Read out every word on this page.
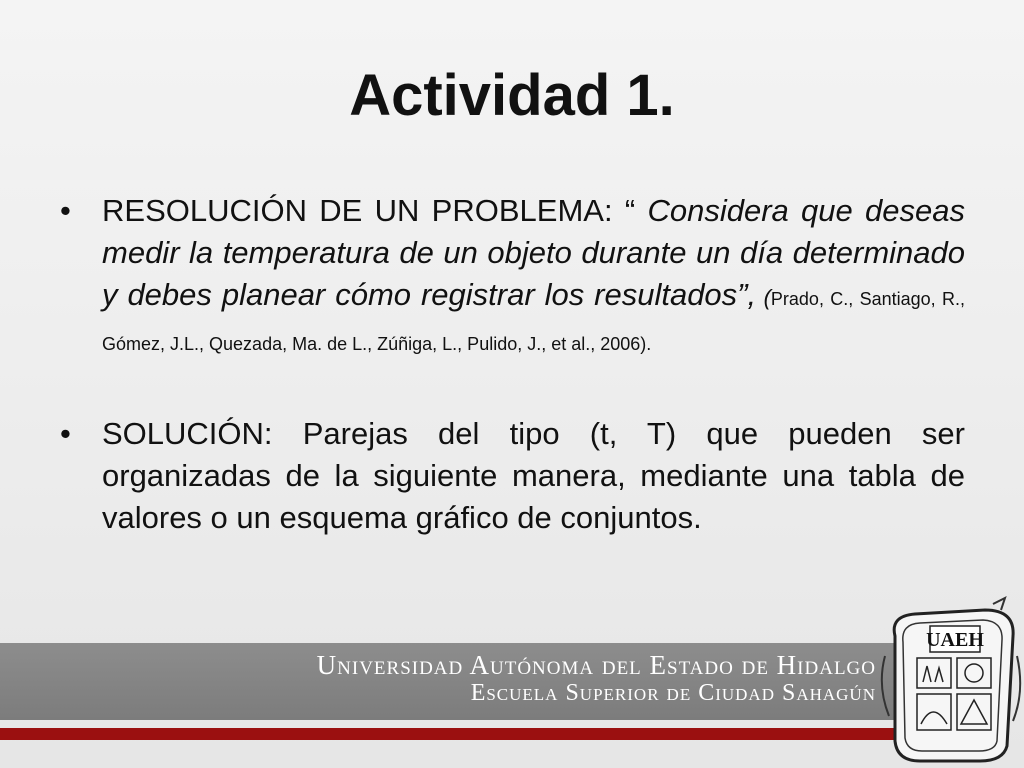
Actividad 1.
• RESOLUCIÓN DE UN PROBLEMA: “ Considera que deseas medir la temperatura de un objeto durante un día determinado y debes planear cómo registrar los resultados”, (Prado, C., Santiago, R., Gómez, J.L., Quezada, Ma. de L., Zúñiga, L., Pulido, J., et al., 2006).
• SOLUCIÓN: Parejas del tipo (t, T) que pueden ser organizadas de la siguiente manera, mediante una tabla de valores o un esquema gráfico de conjuntos.
Universidad Autónoma del Estado de Hidalgo
Escuela Superior de Ciudad Sahagún
UAEH
